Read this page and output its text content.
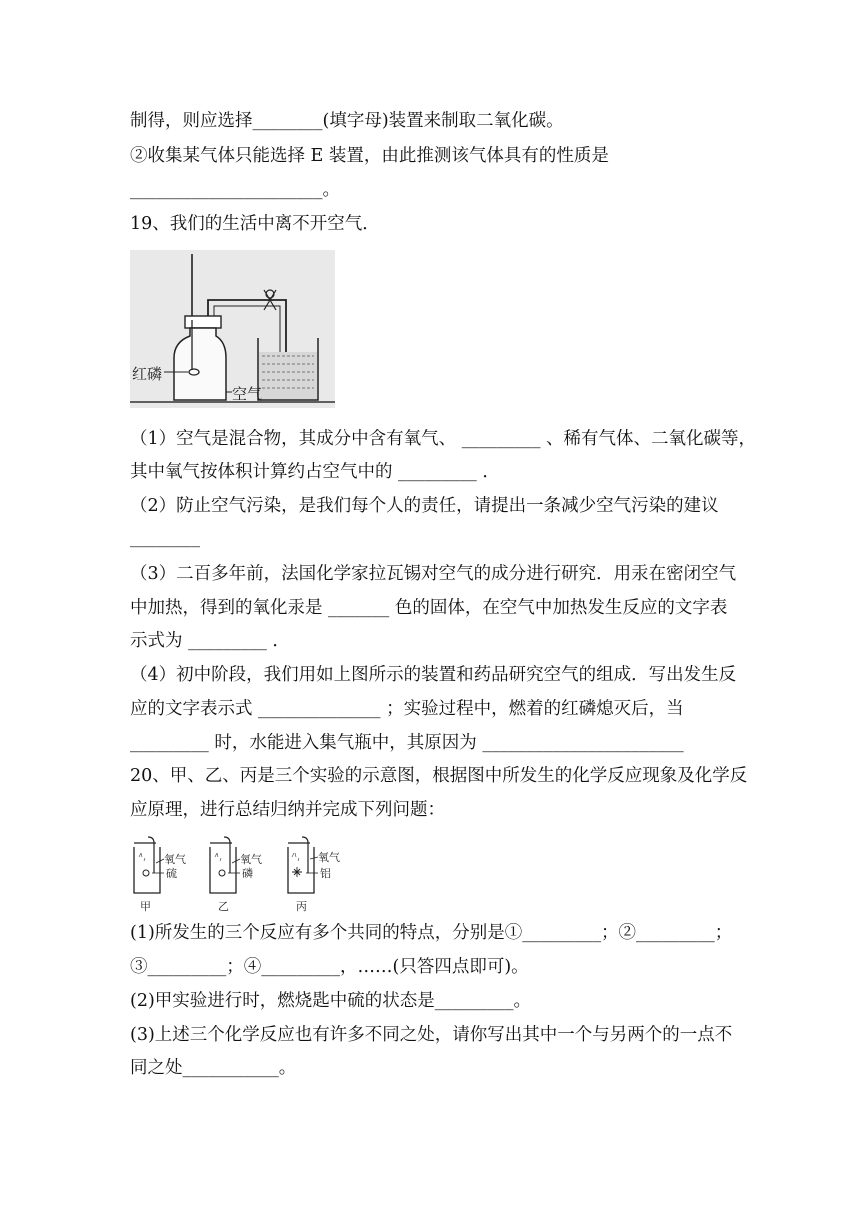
制得，则应选择________(填字母)装置来制取二氧化碳。
②收集某气体只能选择 E 装置，由此推测该气体具有的性质是
______________________。
19、我们的生活中离不开空气．
红磷
空气
（1）空气是混合物，其成分中含有氧气、 _________ 、稀有气体、二氧化碳等，
其中氧气按体积计算约占空气中的 _________ ．
（2）防止空气污染，是我们每个人的责任，请提出一条减少空气污染的建议
________
（3）二百多年前，法国化学家拉瓦锡对空气的成分进行研究．用汞在密闭空气
中加热，得到的氧化汞是 _______ 色的固体，在空气中加热发生反应的文字表
示式为 _________ ．
（4）初中阶段，我们用如上图所示的装置和药品研究空气的组成．写出发生反
应的文字表示式 ______________ ；实验过程中，燃着的红磷熄灭后，当
_________ 时，水能进入集气瓶中，其原因为 _______________________
20、甲、乙、丙是三个实验的示意图，根据图中所发生的化学反应现象及化学反
应原理，进行总结归纳并完成下列问题：
氧气
硫
甲
氧气
磷
乙
氧气
铝
丙
(1)所发生的三个反应有多个共同的特点，分别是①_________；②_________；
③_________；④_________，……(只答四点即可)。
(2)甲实验进行时，燃烧匙中硫的状态是_________。
(3)上述三个化学反应也有许多不同之处，请你写出其中一个与另两个的一点不
同之处___________。
